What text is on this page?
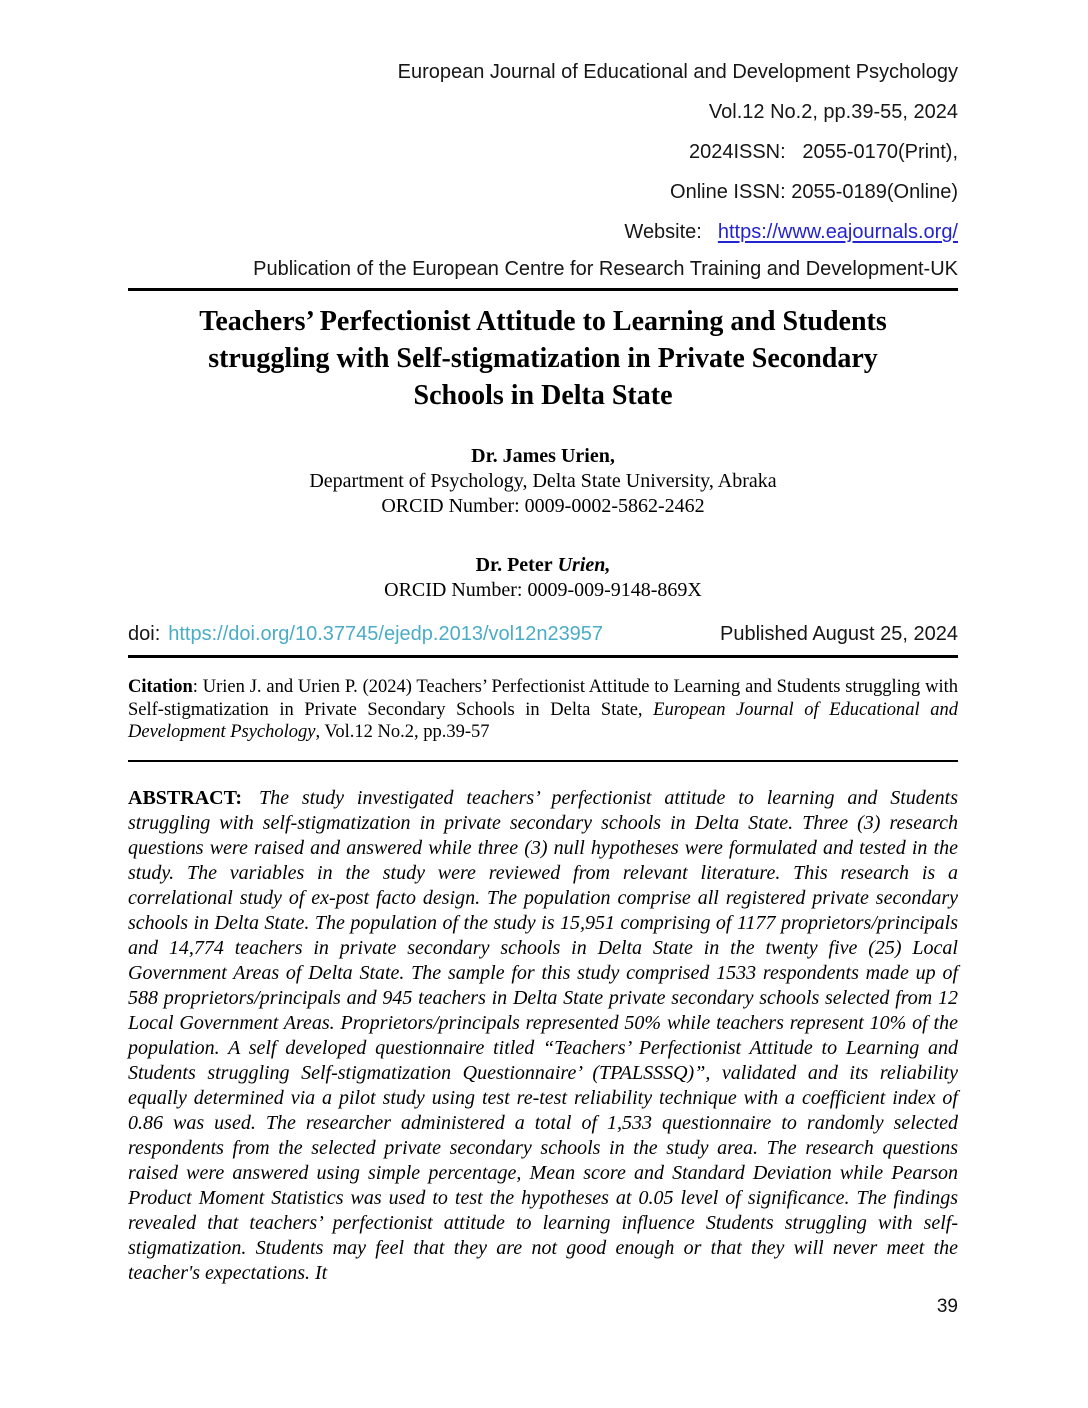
European Journal of Educational and Development Psychology
Vol.12 No.2, pp.39-55, 2024
2024ISSN:   2055-0170(Print),
Online ISSN: 2055-0189(Online)
Website: https://www.eajournals.org/
Publication of the European Centre for Research Training and Development-UK
Teachers’ Perfectionist Attitude to Learning and Students
struggling with Self-stigmatization in Private Secondary
Schools in Delta State
Dr. James Urien,
Department of Psychology, Delta State University, Abraka
ORCID Number: 0009-0002-5862-2462
Dr. Peter Urien,
ORCID Number: 0009-009-9148-869X
doi: https://doi.org/10.37745/ejedp.2013/vol12n23957	Published August 25, 2024

Citation: Urien J. and Urien P. (2024) Teachers’ Perfectionist Attitude to Learning and Students struggling with Self-stigmatization in Private Secondary Schools in Delta State, European Journal of Educational and Development Psychology, Vol.12 No.2, pp.39-57

ABSTRACT: The study investigated teachers’ perfectionist attitude to learning and Students struggling with self-stigmatization in private secondary schools in Delta State. Three (3) research questions were raised and answered while three (3) null hypotheses were formulated and tested in the study. The variables in the study were reviewed from relevant literature. This research is a correlational study of ex-post facto design. The population comprise all registered private secondary schools in Delta State. The population of the study is 15,951 comprising of 1177 proprietors/principals and 14,774 teachers in private secondary schools in Delta State in the twenty five (25) Local Government Areas of Delta State. The sample for this study comprised 1533 respondents made up of 588 proprietors/principals and 945 teachers in Delta State private secondary schools selected from 12 Local Government Areas. Proprietors/principals represented 50% while teachers represent 10% of the population. A self developed questionnaire titled “Teachers’ Perfectionist Attitude to Learning and Students struggling Self-stigmatization Questionnaire’ (TPALSSSQ)”, validated and its reliability equally determined via a pilot study using test re-test reliability technique with a coefficient index of 0.86 was used. The researcher administered a total of 1,533 questionnaire to randomly selected respondents from the selected private secondary schools in the study area. The research questions raised were answered using simple percentage, Mean score and Standard Deviation while Pearson Product Moment Statistics was used to test the hypotheses at 0.05 level of significance. The findings revealed that teachers’ perfectionist attitude to learning influence Students struggling with self-stigmatization. Students may feel that they are not good enough or that they will never meet the teacher's expectations. It

39
